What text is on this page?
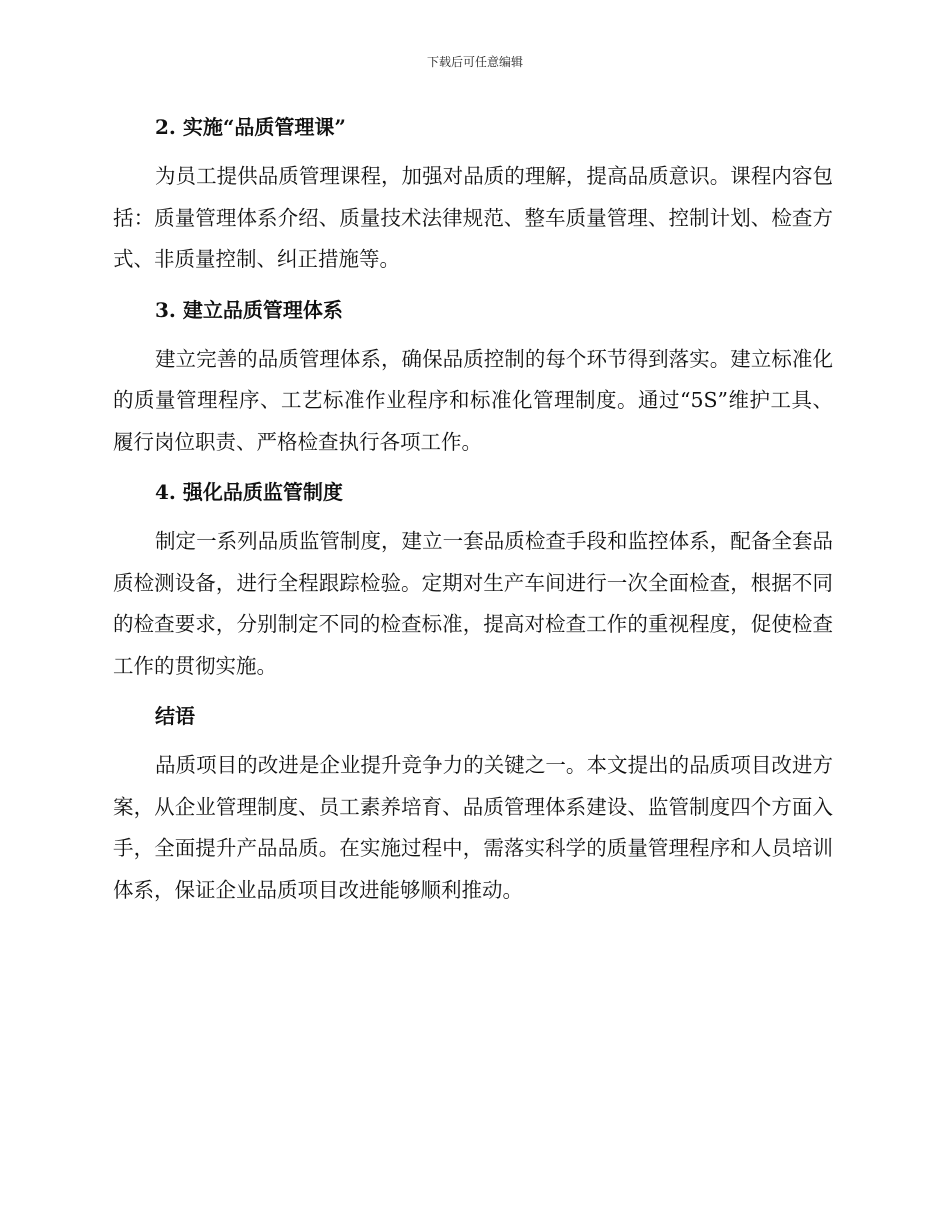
下载后可任意编辑
2. 实施“品质管理课”

为员工提供品质管理课程，加强对品质的理解，提高品质意识。课程内容包括：质量管理体系介绍、质量技术法律规范、整车质量管理、控制计划、检查方式、非质量控制、纠正措施等。

3. 建立品质管理体系

建立完善的品质管理体系，确保品质控制的每个环节得到落实。建立标准化的质量管理程序、工艺标准作业程序和标准化管理制度。通过“5S”维护工具、履行岗位职责、严格检查执行各项工作。

4. 强化品质监管制度

制定一系列品质监管制度，建立一套品质检查手段和监控体系，配备全套品质检测设备，进行全程跟踪检验。定期对生产车间进行一次全面检查，根据不同的检查要求，分别制定不同的检查标准，提高对检查工作的重视程度，促使检查工作的贯彻实施。

结语

品质项目的改进是企业提升竞争力的关键之一。本文提出的品质项目改进方案，从企业管理制度、员工素养培育、品质管理体系建设、监管制度四个方面入手，全面提升产品品质。在实施过程中，需落实科学的质量管理程序和人员培训体系，保证企业品质项目改进能够顺利推动。
